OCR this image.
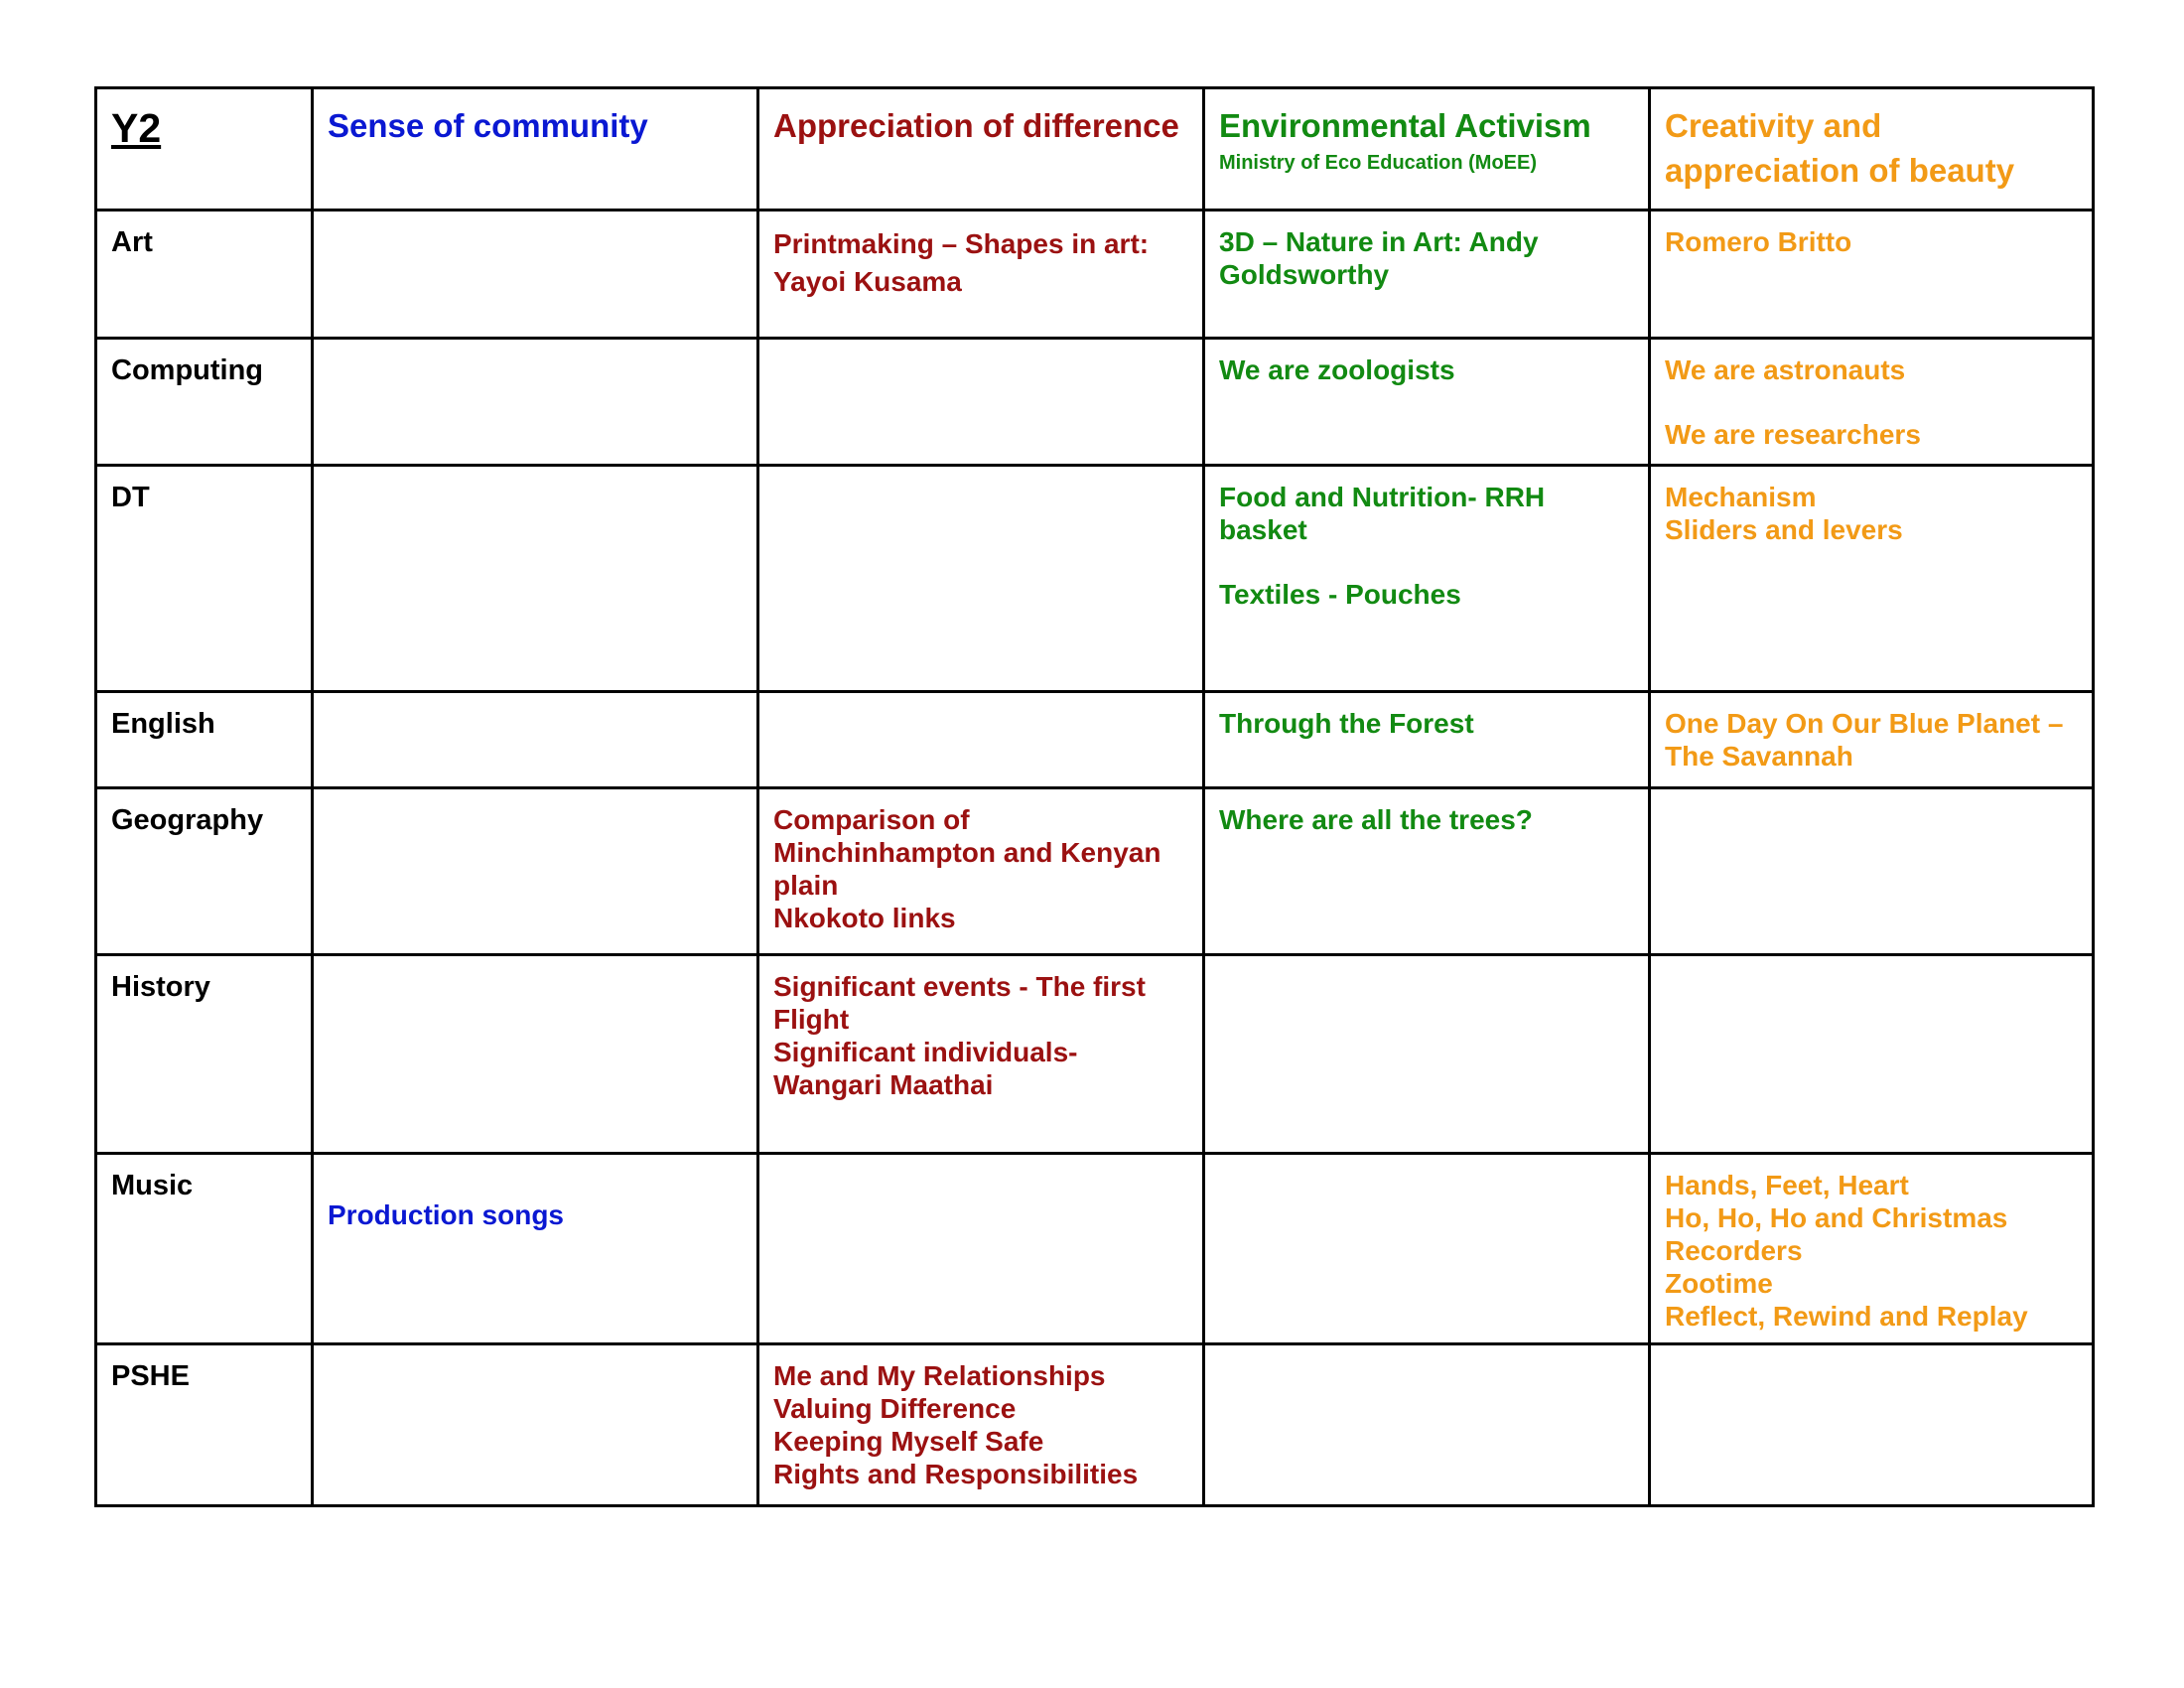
Y2	Sense of community	Appreciation of difference	Environmental Activism
Ministry of Eco Education (MoEE)	Creativity and appreciation of beauty
Art		Printmaking – Shapes in art:
Yayoi Kusama	3D – Nature in Art: Andy Goldsworthy	Romero Britto

Computing			We are zoologists	We are astronauts
We are researchers

DT			Food and Nutrition- RRH basket
Textiles - Pouches	Mechanism
Sliders and levers

English			Through the Forest	One Day On Our Blue Planet – The Savannah

Geography		Comparison of Minchinhampton and Kenyan plain
Nkokoto links	Where are all the trees?	

History		Significant events - The first Flight
Significant individuals- Wangari Maathai		

Music	Production songs			Hands, Feet, Heart
Ho, Ho, Ho and Christmas
Recorders
Zootime
Reflect, Rewind and Replay

PSHE		Me and My Relationships
Valuing Difference
Keeping Myself Safe
Rights and Responsibilities		
